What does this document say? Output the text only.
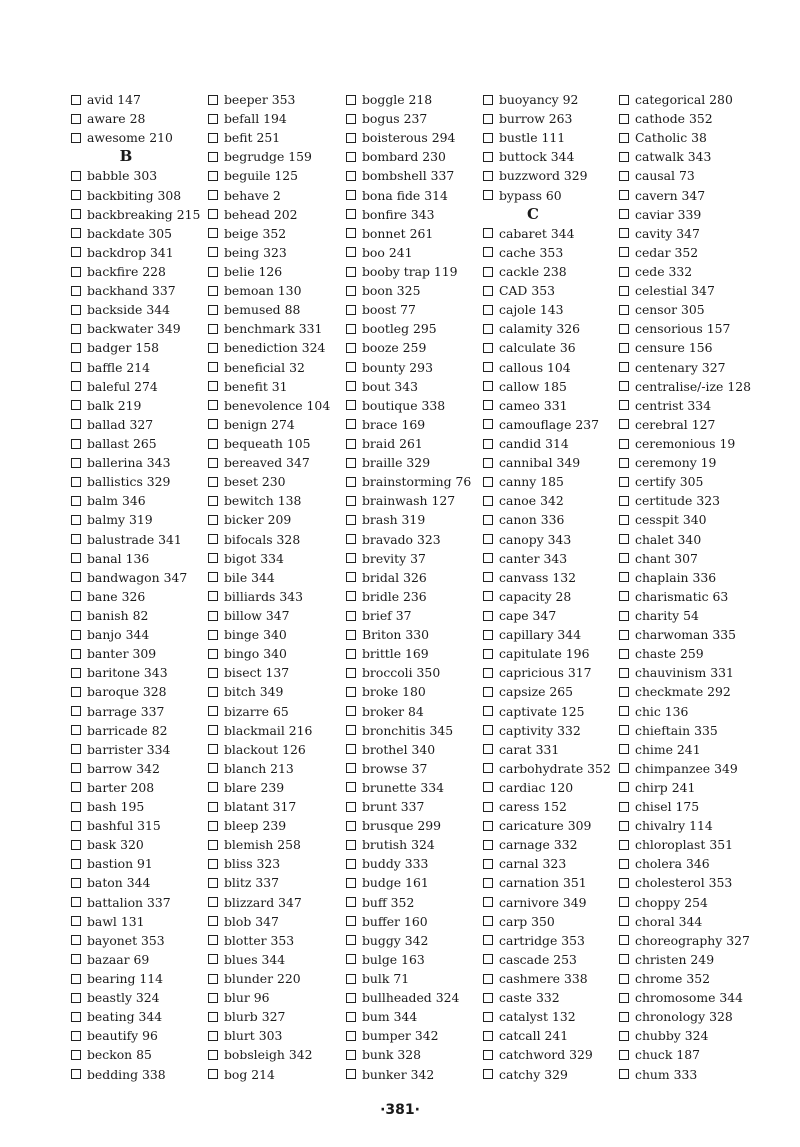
avid
147
aware
28
awesome
210
B
babble
303
backbiting
308
backbreaking
215
backdate
305
backdrop
341
backfire
228
backhand
337
backside
344
backwater
349
badger
158
baffle
214
baleful
274
balk
219
ballad
327
ballast
265
ballerina
343
ballistics
329
balm
346
balmy
319
balustrade
341
banal
136
bandwagon
347
bane
326
banish
82
banjo
344
banter
309
baritone
343
baroque
328
barrage
337
barricade
82
barrister
334
barrow
342
barter
208
bash
195
bashful
315
bask
320
bastion
91
baton
344
battalion
337
bawl
131
bayonet
353
bazaar
69
bearing
114
beastly
324
beating
344
beautify
96
beckon
85
bedding
338
beeper
353
befall
194
befit
251
begrudge
159
beguile
125
behave
2
behead
202
beige
352
being
323
belie
126
bemoan
130
bemused
88
benchmark
331
benediction
324
beneficial
32
benefit
31
benevolence
104
benign
274
bequeath
105
bereaved
347
beset
230
bewitch
138
bicker
209
bifocals
328
bigot
334
bile
344
billiards
343
billow
347
binge
340
bingo
340
bisect
137
bitch
349
bizarre
65
blackmail
216
blackout
126
blanch
213
blare
239
blatant
317
bleep
239
blemish
258
bliss
323
blitz
337
blizzard
347
blob
347
blotter
353
blues
344
blunder
220
blur
96
blurb
327
blurt
303
bobsleigh
342
bog
214
boggle
218
bogus
237
boisterous
294
bombard
230
bombshell
337
bona fide
314
bonfire
343
bonnet
261
boo
241
booby trap
119
boon
325
boost
77
bootleg
295
booze
259
bounty
293
bout
343
boutique
338
brace
169
braid
261
braille
329
brainstorming
76
brainwash
127
brash
319
bravado
323
brevity
37
bridal
326
bridle
236
brief
37
Briton
330
brittle
169
broccoli
350
broke
180
broker
84
bronchitis
345
brothel
340
browse
37
brunette
334
brunt
337
brusque
299
brutish
324
buddy
333
budge
161
buff
352
buffer
160
buggy
342
bulge
163
bulk
71
bullheaded
324
bum
344
bumper
342
bunk
328
bunker
342
buoyancy
92
burrow
263
bustle
111
buttock
344
buzzword
329
bypass
60
C
cabaret
344
cache
353
cackle
238
CAD
353
cajole
143
calamity
326
calculate
36
callous
104
callow
185
cameo
331
camouflage
237
candid
314
cannibal
349
canny
185
canoe
342
canon
336
canopy
343
canter
343
canvass
132
capacity
28
cape
347
capillary
344
capitulate
196
capricious
317
capsize
265
captivate
125
captivity
332
carat
331
carbohydrate
352
cardiac
120
caress
152
caricature
309
carnage
332
carnal
323
carnation
351
carnivore
349
carp
350
cartridge
353
cascade
253
cashmere
338
caste
332
catalyst
132
catcall
241
catchword
329
catchy
329
categorical
280
cathode
352
Catholic
38
catwalk
343
causal
73
cavern
347
caviar
339
cavity
347
cedar
352
cede
332
celestial
347
censor
305
censorious
157
censure
156
centenary
327
centralise/-ize
128
centrist
334
cerebral
127
ceremonious
19
ceremony
19
certify
305
certitude
323
cesspit
340
chalet
340
chant
307
chaplain
336
charismatic
63
charity
54
charwoman
335
chaste
259
chauvinism
331
checkmate
292
chic
136
chieftain
335
chime
241
chimpanzee
349
chirp
241
chisel
175
chivalry
114
chloroplast
351
cholera
346
cholesterol
353
choppy
254
choral
344
choreography
327
christen
249
chrome
352
chromosome
344
chronology
328
chubby
324
chuck
187
chum
333
·381·
